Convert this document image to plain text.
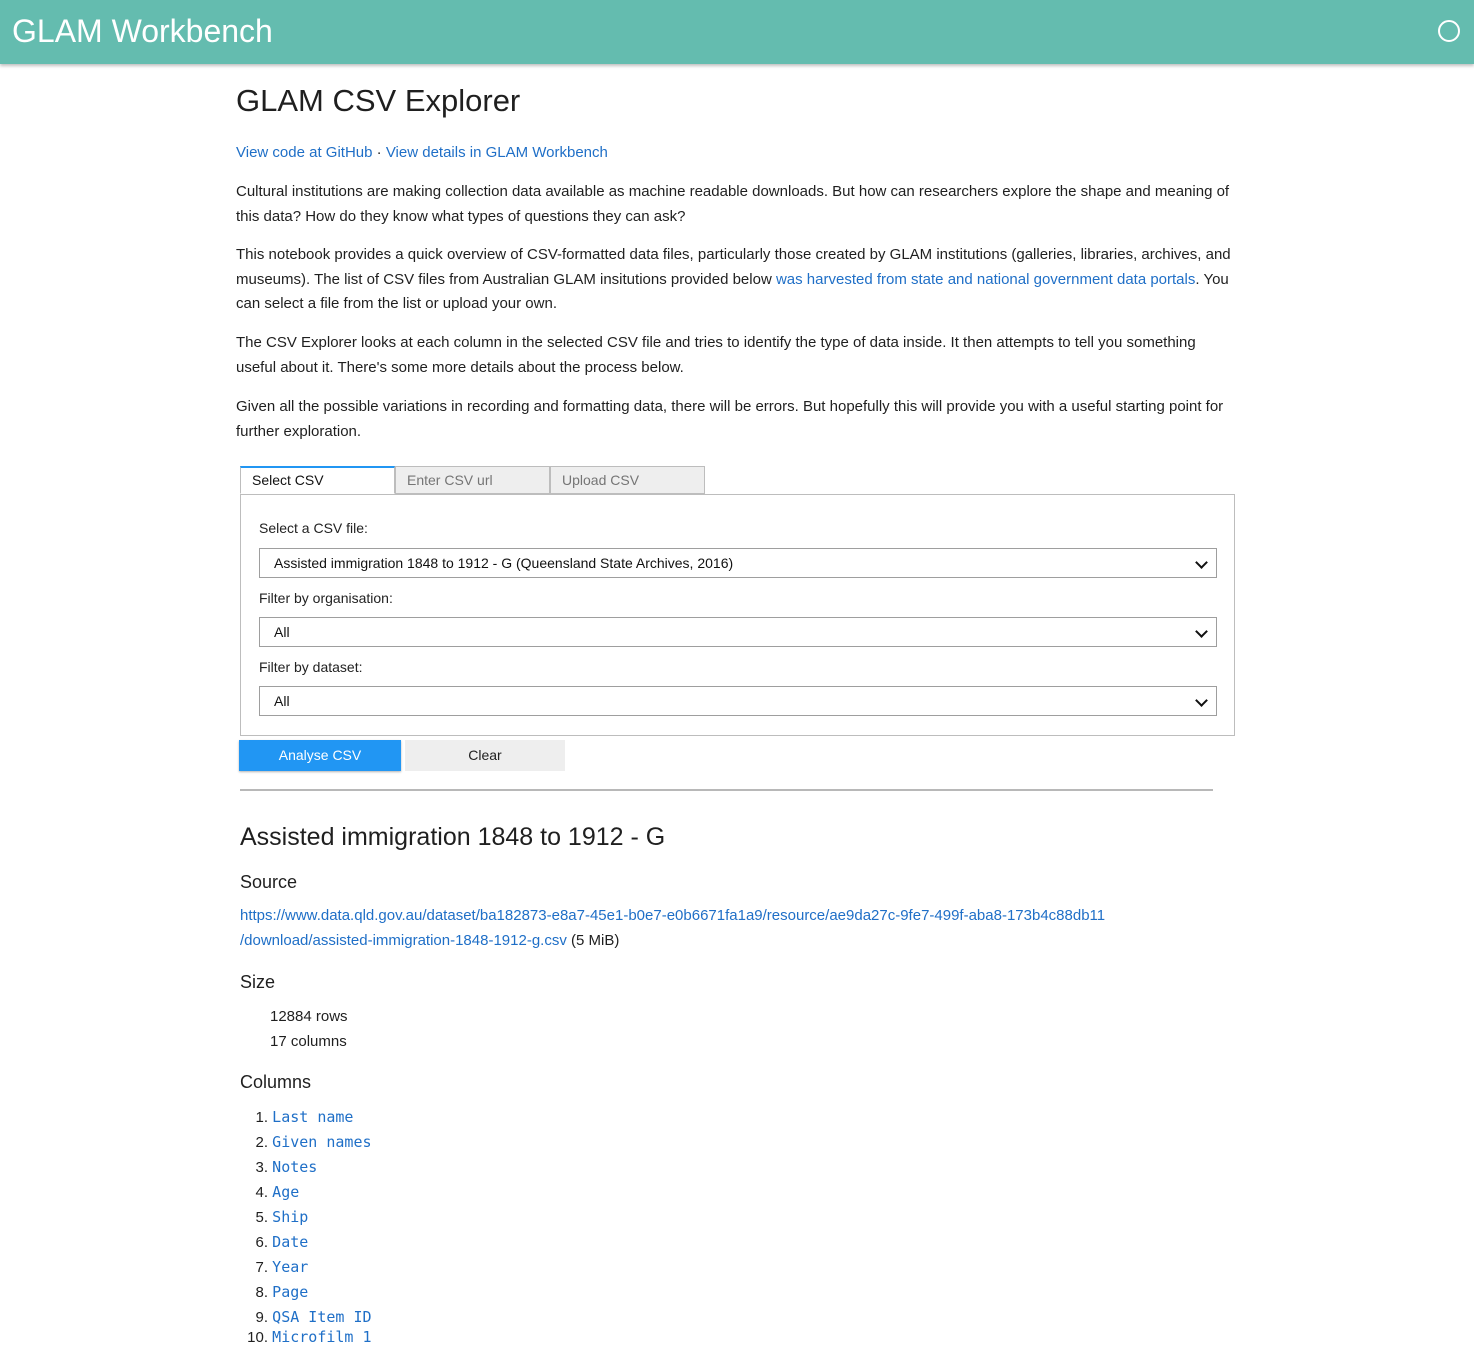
GLAM Workbench
GLAM CSV Explorer

View code at GitHub · View details in GLAM Workbench

Cultural institutions are making collection data available as machine readable downloads. But how can researchers explore the shape and meaning of this data? How do they know what types of questions they can ask?

This notebook provides a quick overview of CSV-formatted data files, particularly those created by GLAM institutions (galleries, libraries, archives, and museums). The list of CSV files from Australian GLAM insitutions provided below was harvested from state and national government data portals. You can select a file from the list or upload your own.

The CSV Explorer looks at each column in the selected CSV file and tries to identify the type of data inside. It then attempts to tell you something useful about it. There's some more details about the process below.

Given all the possible variations in recording and formatting data, there will be errors. But hopefully this will provide you with a useful starting point for further exploration.

Select CSV	Enter CSV url	Upload CSV
Select a CSV file:
Assisted immigration 1848 to 1912 - G (Queensland State Archives, 2016)
Filter by organisation:
All
Filter by dataset:
All
Analyse CSV	Clear
Assisted immigration 1848 to 1912 - G
Source
https://www.data.qld.gov.au/dataset/ba182873-e8a7-45e1-b0e7-e0b6671fa1a9/resource/ae9da27c-9fe7-499f-aba8-173b4c88db11
/download/assisted-immigration-1848-1912-g.csv (5 MiB)
Size
12884 rows
17 columns
Columns
1. Last name
2. Given names
3. Notes
4. Age
5. Ship
6. Date
7. Year
8. Page
9. QSA Item ID
10. Microfilm 1
